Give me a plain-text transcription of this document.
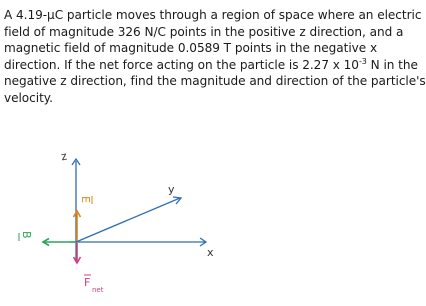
A 4.19-μC particle moves through a region of space where an electric
field of magnitude 326 N/C points in the positive z direction, and a
magnetic field of magnitude 0.0589 T points in the negative x
direction. If the net force acting on the particle is 2.27 x $10^{-3}$ N in the
negative z direction, find the magnitude and direction of the particle's
velocity.

z
y
x
E
B
F
net
